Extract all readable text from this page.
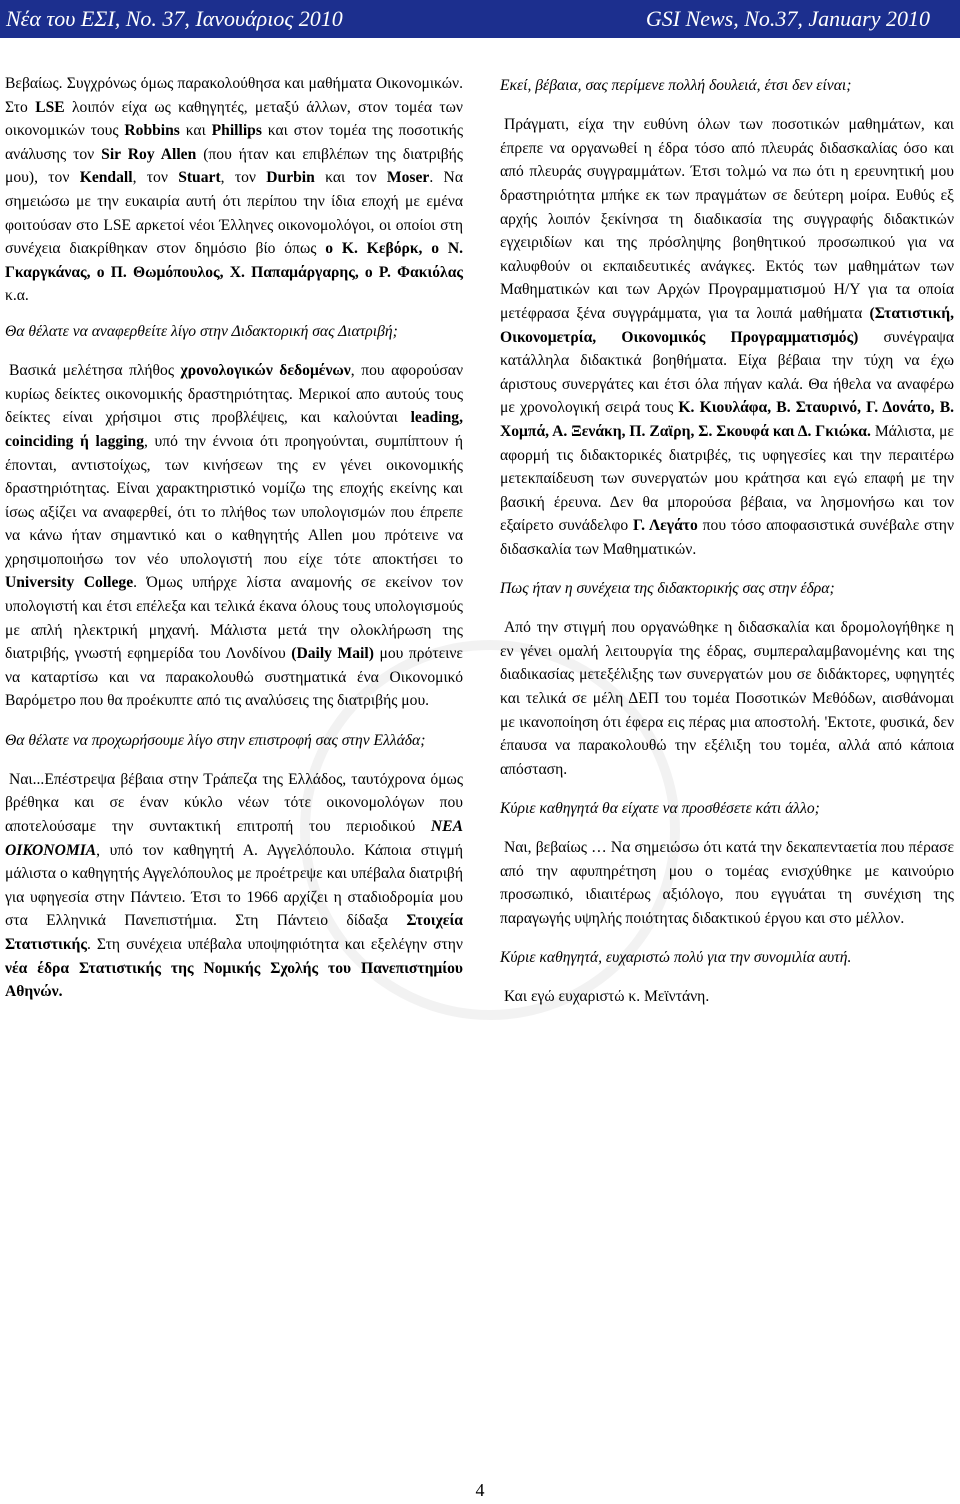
Νέα του ΕΣΙ, No. 37, Ιανουάριος 2010	GSI News, No.37, January 2010

Βεβαίως. Συγχρόνως όμως παρακολούθησα και μαθήματα Οικονομικών. Στο LSE λοιπόν είχα ως καθηγητές, μεταξύ άλλων, στον τομέα των οικονομικών τους Robbins και Phillips και στον τομέα της ποσοτικής ανάλυσης τον Sir Roy Allen (που ήταν και επιβλέπων της διατριβής μου), τον Kendall, τον Stuart, τον Durbin και τον Moser. Να σημειώσω με την ευκαιρία αυτή ότι περίπου την ίδια εποχή με εμένα φοιτούσαν στο LSE αρκετοί νέοι Έλληνες οικονομολόγοι, οι οποίοι στη συνέχεια διακρίθηκαν στον δημόσιο βίο όπως ο Κ. Κεβόρκ, ο Ν. Γκαργκάνας, ο Π. Θωμόπουλος, Χ. Παπαμάργαρης, ο Ρ. Φακιόλας κ.α.

Θα θέλατε να αναφερθείτε λίγο στην Διδακτορική σας Διατριβή;

Βασικά μελέτησα πλήθος χρονολογικών δεδομένων, που αφορούσαν κυρίως δείκτες οικονομικής δραστηριότητας. Μερικοί απο αυτούς τους δείκτες είναι χρήσιμοι στις προβλέψεις, και καλούνται leading, coinciding ή lagging, υπό την έννοια ότι προηγούνται, συμπίπτουν ή έπονται, αντιστοίχως, των κινήσεων της εν γένει οικονομικής δραστηριότητας. Είναι χαρακτηριστικό νομίζω της εποχής εκείνης και ίσως αξίζει να αναφερθεί, ότι το πλήθος των υπολογισμών που έπρεπε να κάνω ήταν σημαντικό και ο καθηγητής Allen μου πρότεινε να χρησιμοποιήσω τον νέο υπολογιστή που είχε τότε αποκτήσει το University College. Όμως υπήρχε λίστα αναμονής σε εκείνον τον υπολογιστή και έτσι επέλεξα και τελικά έκανα όλους τους υπολογισμούς με απλή ηλεκτρική μηχανή. Μάλιστα μετά την ολοκλήρωση της διατριβής, γνωστή εφημερίδα του Λονδίνου (Daily Mail) μου πρότεινε να καταρτίσω και να παρακολουθώ συστηματικά ένα Οικονομικό Βαρόμετρο που θα προέκυπτε από τις αναλύσεις της διατριβής μου.

Θα θέλατε να προχωρήσουμε λίγο στην επιστροφή σας στην Ελλάδα;

Ναι...Επέστρεψα βέβαια στην Τράπεζα της Ελλάδος, ταυτόχρονα όμως βρέθηκα και σε έναν κύκλο νέων τότε οικονομολόγων που αποτελούσαμε την συντακτική επιτροπή του περιοδικού ΝΕΑ ΟΙΚΟΝΟΜΙΑ, υπό τον καθηγητή Α. Αγγελόπουλο. Κάποια στιγμή μάλιστα ο καθηγητής Αγγελόπουλος με προέτρεψε και υπέβαλα διατριβή για υφηγεσία στην Πάντειο. Έτσι το 1966 αρχίζει η σταδιοδρομία μου στα Ελληνικά Πανεπιστήμια. Στη Πάντειο δίδαξα Στοιχεία Στατιστικής. Στη συνέχεια υπέβαλα υποψηφιότητα και εξελέγην στην νέα έδρα Στατιστικής της Νομικής Σχολής του Πανεπιστημίου Αθηνών.

Εκεί, βέβαια, σας περίμενε πολλή δουλειά, έτσι δεν είναι;

Πράγματι, είχα την ευθύνη όλων των ποσοτικών μαθημάτων, και έπρεπε να οργανωθεί η έδρα τόσο από πλευράς διδασκαλίας όσο και από πλευράς συγγραμμάτων. Έτσι τολμώ να πω ότι η ερευνητική μου δραστηριότητα μπήκε εκ των πραγμάτων σε δεύτερη μοίρα. Ευθύς εξ αρχής λοιπόν ξεκίνησα τη διαδικασία της συγγραφής διδακτικών εγχειριδίων και της πρόσληψης βοηθητικού προσωπικού για να καλυφθούν οι εκπαιδευτικές ανάγκες. Εκτός των μαθημάτων των Μαθηματικών και των Αρχών Προγραμματισμού Η/Υ για τα οποία μετέφρασα ξένα συγγράμματα, για τα λοιπά μαθήματα (Στατιστική, Οικονομετρία, Οικονομικός Προγραμματισμός) συνέγραψα κατάλληλα διδακτικά βοηθήματα. Είχα βέβαια την τύχη να έχω άριστους συνεργάτες και έτσι όλα πήγαν καλά. Θα ήθελα να αναφέρω με χρονολογική σειρά τους Κ. Κιουλάφα, Β. Σταυρινό, Γ. Δονάτο, Β. Χομπά, Α. Ξενάκη, Π. Ζαϊρη, Σ. Σκουφά και Δ. Γκιώκα. Μάλιστα, με αφορμή τις διδακτορικές διατριβές, τις υφηγεσίες και την περαιτέρω μετεκπαίδευση των συνεργατών μου κράτησα και εγώ επαφή με την βασική έρευνα. Δεν θα μπορούσα βέβαια, να λησμονήσω και τον εξαίρετο συνάδελφο Γ. Λεγάτο που τόσο αποφασιστικά συνέβαλε στην διδασκαλία των Μαθηματικών.

Πως ήταν η συνέχεια της διδακτορικής σας στην έδρα;

Από την στιγμή που οργανώθηκε η διδασκαλία και δρομολογήθηκε η εν γένει ομαλή λειτουργία της έδρας, συμπεραλαμβανομένης και της διαδικασίας μετεξέλιξης των συνεργατών μου σε διδάκτορες, υφηγητές και τελικά σε μέλη ΔΕΠ του τομέα Ποσοτικών Μεθόδων, αισθάνομαι με ικανοποίηση ότι έφερα εις πέρας μια αποστολή. 'Εκτοτε, φυσικά, δεν έπαυσα να παρακολουθώ την εξέλιξη του τομέα, αλλά από κάποια απόσταση.

Κύριε καθηγητά θα είχατε να προσθέσετε κάτι άλλο;

Ναι, βεβαίως … Να σημειώσω ότι κατά την δεκαπενταετία που πέρασε από την αφυπηρέτηση μου ο τομέας ενισχύθηκε με καινούριο προσωπικό, ιδιαιτέρως αξιόλογο, που εγγυάται τη συνέχιση της παραγωγής υψηλής ποιότητας διδακτικού έργου και στο μέλλον.

Κύριε καθηγητά, ευχαριστώ πολύ για την συνομιλία αυτή.

Και εγώ ευχαριστώ κ. Μεϊντάνη.

4
